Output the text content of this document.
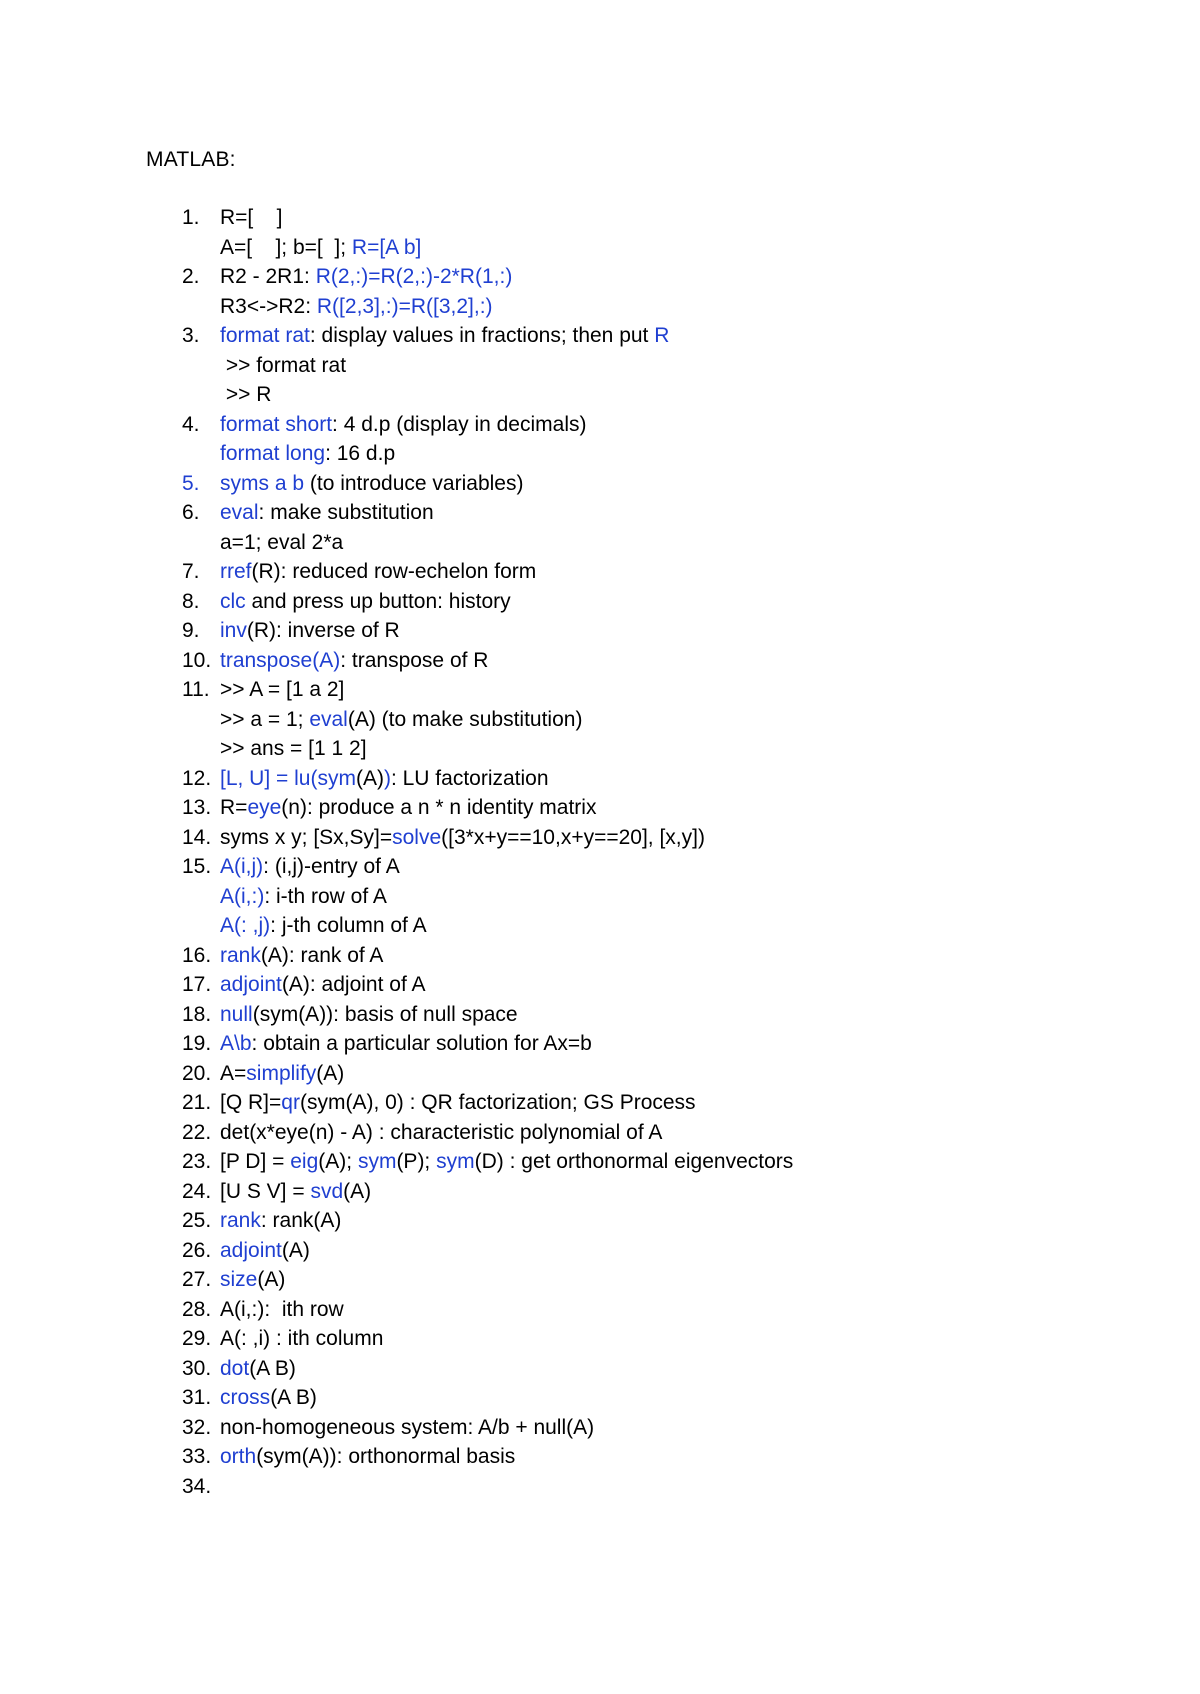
MATLAB:
1. R=[    ]
A=[    ]; b=[  ]; R=[A b]
2. R2 - 2R1: R(2,:)=R(2,:)-2*R(1,:)
R3<->R2: R([2,3],:)=R([3,2],:)
3. format rat: display values in fractions; then put R
>> format rat
>> R
4. format short: 4 d.p (display in decimals)
format long: 16 d.p
5. syms a b (to introduce variables)
6. eval: make substitution
a=1; eval 2*a
7. rref(R): reduced row-echelon form
8. clc and press up button: history
9. inv(R): inverse of R
10. transpose(A): transpose of R
11. >> A = [1 a 2]
>> a = 1; eval(A) (to make substitution)
>> ans = [1 1 2]
12. [L, U] = lu(sym(A)): LU factorization
13. R=eye(n): produce a n * n identity matrix
14. syms x y; [Sx,Sy]=solve([3*x+y==10,x+y==20], [x,y])
15. A(i,j): (i,j)-entry of A
A(i,:): i-th row of A
A(: ,j): j-th column of A
16. rank(A): rank of A
17. adjoint(A): adjoint of A
18. null(sym(A)): basis of null space
19. A\b: obtain a particular solution for Ax=b
20. A=simplify(A)
21. [Q R]=qr(sym(A), 0) : QR factorization; GS Process
22. det(x*eye(n) - A) : characteristic polynomial of A
23. [P D] = eig(A); sym(P); sym(D) : get orthonormal eigenvectors
24. [U S V] = svd(A)
25. rank: rank(A)
26. adjoint(A)
27. size(A)
28. A(i,:):  ith row
29. A(: ,i) : ith column
30. dot(A B)
31. cross(A B)
32. non-homogeneous system: A/b + null(A)
33. orth(sym(A)): orthonormal basis
34.
